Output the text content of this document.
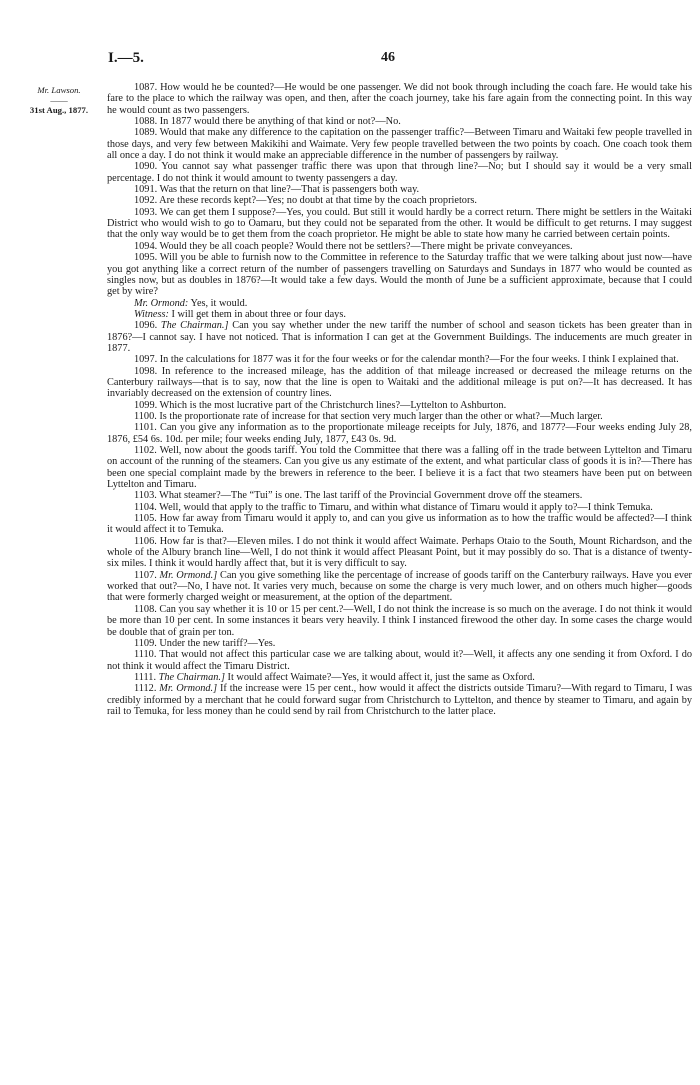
I.—5.	46
Mr. Lawson.
——
31st Aug., 1877.

1087. How would he be counted?—He would be one passenger. We did not book through including the coach fare. He would take his fare to the place to which the railway was open, and then, after the coach journey, take his fare again from the connecting point. In this way he would count as two passengers.

1088. In 1877 would there be anything of that kind or not?—No.

1089. Would that make any difference to the capitation on the passenger traffic?—Between Timaru and Waitaki few people travelled in those days, and very few between Makikihi and Waimate. Very few people travelled between the two points by coach. One coach took them all once a day. I do not think it would make an appreciable difference in the number of passengers by railway.

1090. You cannot say what passenger traffic there was upon that through line?—No; but I should say it would be a very small percentage. I do not think it would amount to twenty passengers a day.

1091. Was that the return on that line?—That is passengers both way.

1092. Are these records kept?—Yes; no doubt at that time by the coach proprietors.

1093. We can get them I suppose?—Yes, you could. But still it would hardly be a correct return. There might be settlers in the Waitaki District who would wish to go to Oamaru, but they could not be separated from the other. It would be difficult to get returns. I may suggest that the only way would be to get them from the coach proprietor. He might be able to state how many he carried between certain points.

1094. Would they be all coach people? Would there not be settlers?—There might be private conveyances.

1095. Will you be able to furnish now to the Committee in reference to the Saturday traffic that we were talking about just now—have you got anything like a correct return of the number of passengers travelling on Saturdays and Sundays in 1877 who would be counted as singles now, but as doubles in 1876?—It would take a few days. Would the month of June be a sufficient approximate, because that I could get by wire?

Mr. Ormond: Yes, it would.

Witness: I will get them in about three or four days.

1096. The Chairman.] Can you say whether under the new tariff the number of school and season tickets has been greater than in 1876?—I cannot say. I have not noticed. That is information I can get at the Government Buildings. The inducements are much greater in 1877.

1097. In the calculations for 1877 was it for the four weeks or for the calendar month?—For the four weeks. I think I explained that.

1098. In reference to the increased mileage, has the addition of that mileage increased or decreased the mileage returns on the Canterbury railways—that is to say, now that the line is open to Waitaki and the additional mileage is put on?—It has decreased. It has invariably decreased on the extension of country lines.

1099. Which is the most lucrative part of the Christchurch lines?—Lyttelton to Ashburton.

1100. Is the proportionate rate of increase for that section very much larger than the other or what?—Much larger.

1101. Can you give any information as to the proportionate mileage receipts for July, 1876, and 1877?—Four weeks ending July 28, 1876, £54 6s. 10d. per mile; four weeks ending July, 1877, £43 0s. 9d.

1102. Well, now about the goods tariff. You told the Committee that there was a falling off in the trade between Lyttelton and Timaru on account of the running of the steamers. Can you give us any estimate of the extent, and what particular class of goods it is in?—There has been one special complaint made by the brewers in reference to the beer. I believe it is a fact that two steamers have been put on between Lyttelton and Timaru.

1103. What steamer?—The “Tui” is one. The last tariff of the Provincial Government drove off the steamers.

1104. Well, would that apply to the traffic to Timaru, and within what distance of Timaru would it apply to?—I think Temuka.

1105. How far away from Timaru would it apply to, and can you give us information as to how the traffic would be affected?—I think it would affect it to Temuka.

1106. How far is that?—Eleven miles. I do not think it would affect Waimate. Perhaps Otaio to the South, Mount Richardson, and the whole of the Albury branch line—Well, I do not think it would affect Pleasant Point, but it may possibly do so. That is a distance of twenty-six miles. I think it would hardly affect that, but it is very difficult to say.

1107. Mr. Ormond.] Can you give something like the percentage of increase of goods tariff on the Canterbury railways. Have you ever worked that out?—No, I have not. It varies very much, because on some the charge is very much lower, and on others much higher—goods that were formerly charged weight or measurement, at the option of the department.

1108. Can you say whether it is 10 or 15 per cent.?—Well, I do not think the increase is so much on the average. I do not think it would be more than 10 per cent. In some instances it bears very heavily. I think I instanced firewood the other day. In some cases the charge would be double that of grain per ton.

1109. Under the new tariff?—Yes.

1110. That would not affect this particular case we are talking about, would it?—Well, it affects any one sending it from Oxford. I do not think it would affect the Timaru District.

1111. The Chairman.] It would affect Waimate?—Yes, it would affect it, just the same as Oxford.

1112. Mr. Ormond.] If the increase were 15 per cent., how would it affect the districts outside Timaru?—With regard to Timaru, I was credibly informed by a merchant that he could forward sugar from Christchurch to Lyttelton, and thence by steamer to Timaru, and again by rail to Temuka, for less money than he could send by rail from Christchurch to the latter place.
